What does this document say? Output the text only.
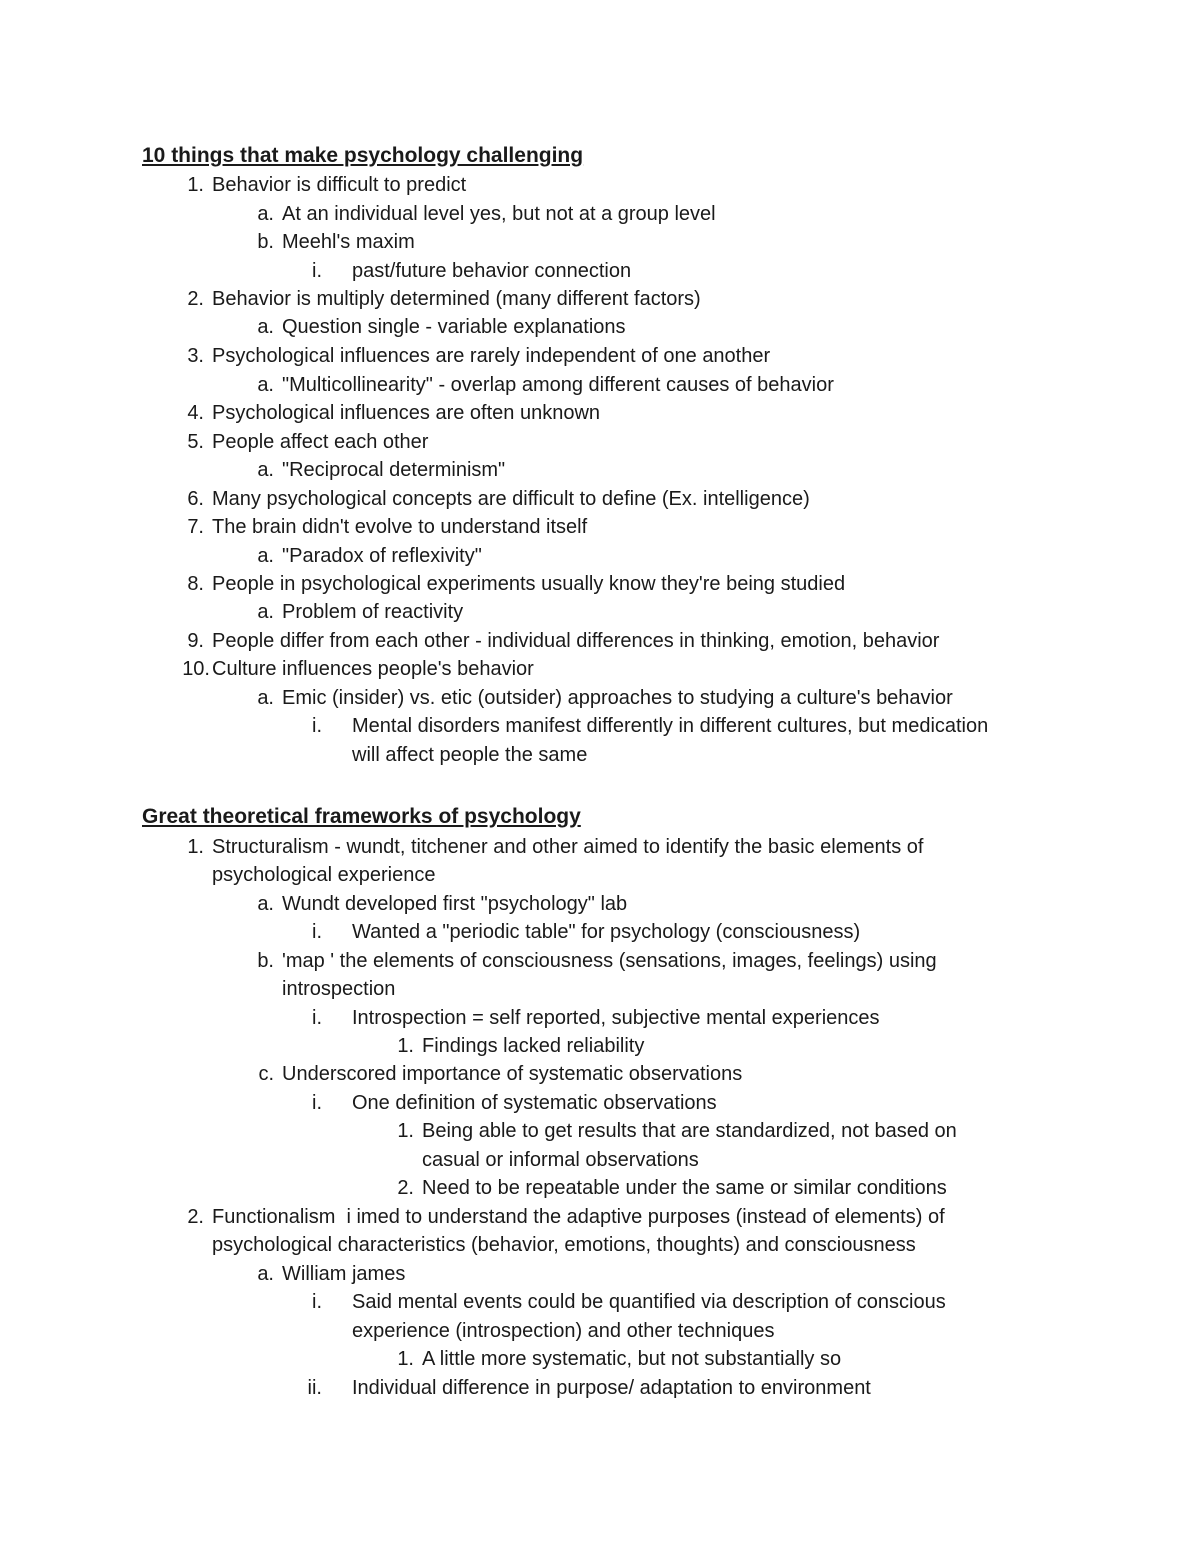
10 things that make psychology challenging
1. Behavior is difficult to predict
a. At an individual level yes, but not at a group level
b. Meehl's maxim
i. past/future behavior connection
2. Behavior is multiply determined (many different factors)
a. Question single - variable explanations
3. Psychological influences are rarely independent of one another
a. "Multicollinearity" - overlap among different causes of behavior
4. Psychological influences are often unknown
5. People affect each other
a. "Reciprocal determinism"
6. Many psychological concepts are difficult to define (Ex. intelligence)
7. The brain didn't evolve to understand itself
a. "Paradox of reflexivity"
8. People in psychological experiments usually know they're being studied
a. Problem of reactivity
9. People differ from each other - individual differences in thinking, emotion, behavior
10. Culture influences people's behavior
a. Emic (insider) vs. etic (outsider) approaches to studying a culture's behavior
i. Mental disorders manifest differently in different cultures, but medication
will affect people the same
Great theoretical frameworks of psychology
1. Structuralism - wundt, titchener and other aimed to identify the basic elements of
psychological experience
a. Wundt developed first "psychology" lab
i. Wanted a "periodic table" for psychology (consciousness)
b. 'map ' the elements of consciousness (sensations, images, feelings) using
introspection
i. Introspection = self reported, subjective mental experiences
1. Findings lacked reliability
c. Underscored importance of systematic observations
i. One definition of systematic observations
1. Being able to get results that are standardized, not based on
casual or informal observations
2. Need to be repeatable under the same or similar conditions
2. Functionalism  i imed to understand the adaptive purposes (instead of elements) of
psychological characteristics (behavior, emotions, thoughts) and consciousness
a. William james
i. Said mental events could be quantified via description of conscious
experience (introspection) and other techniques
1. A little more systematic, but not substantially so
ii. Individual difference in purpose/ adaptation to environment
